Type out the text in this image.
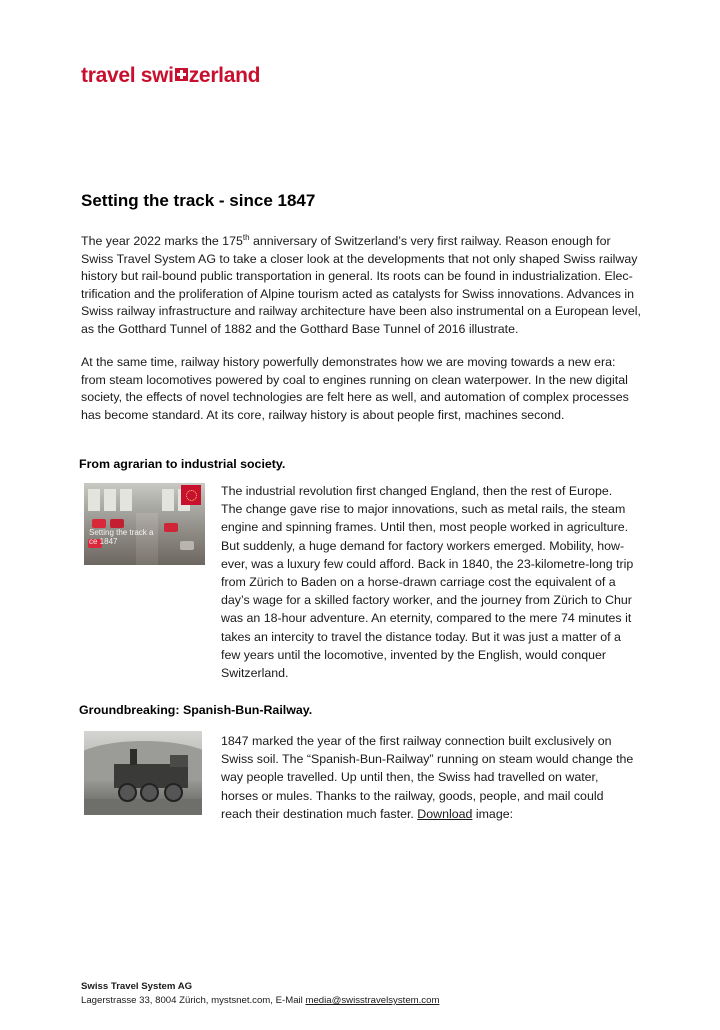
travel swi zerland
Setting the track - since 1847

The year 2022 marks the 175th anniversary of Switzerland’s very first railway. Reason enough for
Swiss Travel System AG to take a closer look at the developments that not only shaped Swiss railway
history but rail-bound public transportation in general. Its roots can be found in industrialization. Elec-
trification and the proliferation of Alpine tourism acted as catalysts for Swiss innovations. Advances in
Swiss railway infrastructure and railway architecture have been also instrumental on a European level,
as the Gotthard Tunnel of 1882 and the Gotthard Base Tunnel of 2016 illustrate.

At the same time, railway history powerfully demonstrates how we are moving towards a new era:
from steam locomotives powered by coal to engines running on clean waterpower. In the new digital
society, the effects of novel technologies are felt here as well, and automation of complex processes
has become standard. At its core, railway history is about people first, machines second.

From agrarian to industrial society.
Setting the track a
ce 1847

The industrial revolution first changed England, then the rest of Europe.
The change gave rise to major innovations, such as metal rails, the steam
engine and spinning frames. Until then, most people worked in agriculture.
But suddenly, a huge demand for factory workers emerged. Mobility, how-
ever, was a luxury few could afford. Back in 1840, the 23-kilometre-long trip
from Zürich to Baden on a horse-drawn carriage cost the equivalent of a
day’s wage for a skilled factory worker, and the journey from Zürich to Chur
was an 18-hour adventure. An eternity, compared to the mere 74 minutes it
takes an intercity to travel the distance today. But it was just a matter of a
few years until the locomotive, invented by the English, would conquer
Switzerland.

Groundbreaking: Spanish-Bun-Railway.

1847 marked the year of the first railway connection built exclusively on
Swiss soil. The “Spanish-Bun-Railway” running on steam would change the
way people travelled. Up until then, the Swiss had travelled on water,
horses or mules. Thanks to the railway, goods, people, and mail could
reach their destination much faster. Download image:

Swiss Travel System AG
Lagerstrasse 33, 8004 Zürich, mystsnet.com, E-Mail media@swisstravelsystem.com
